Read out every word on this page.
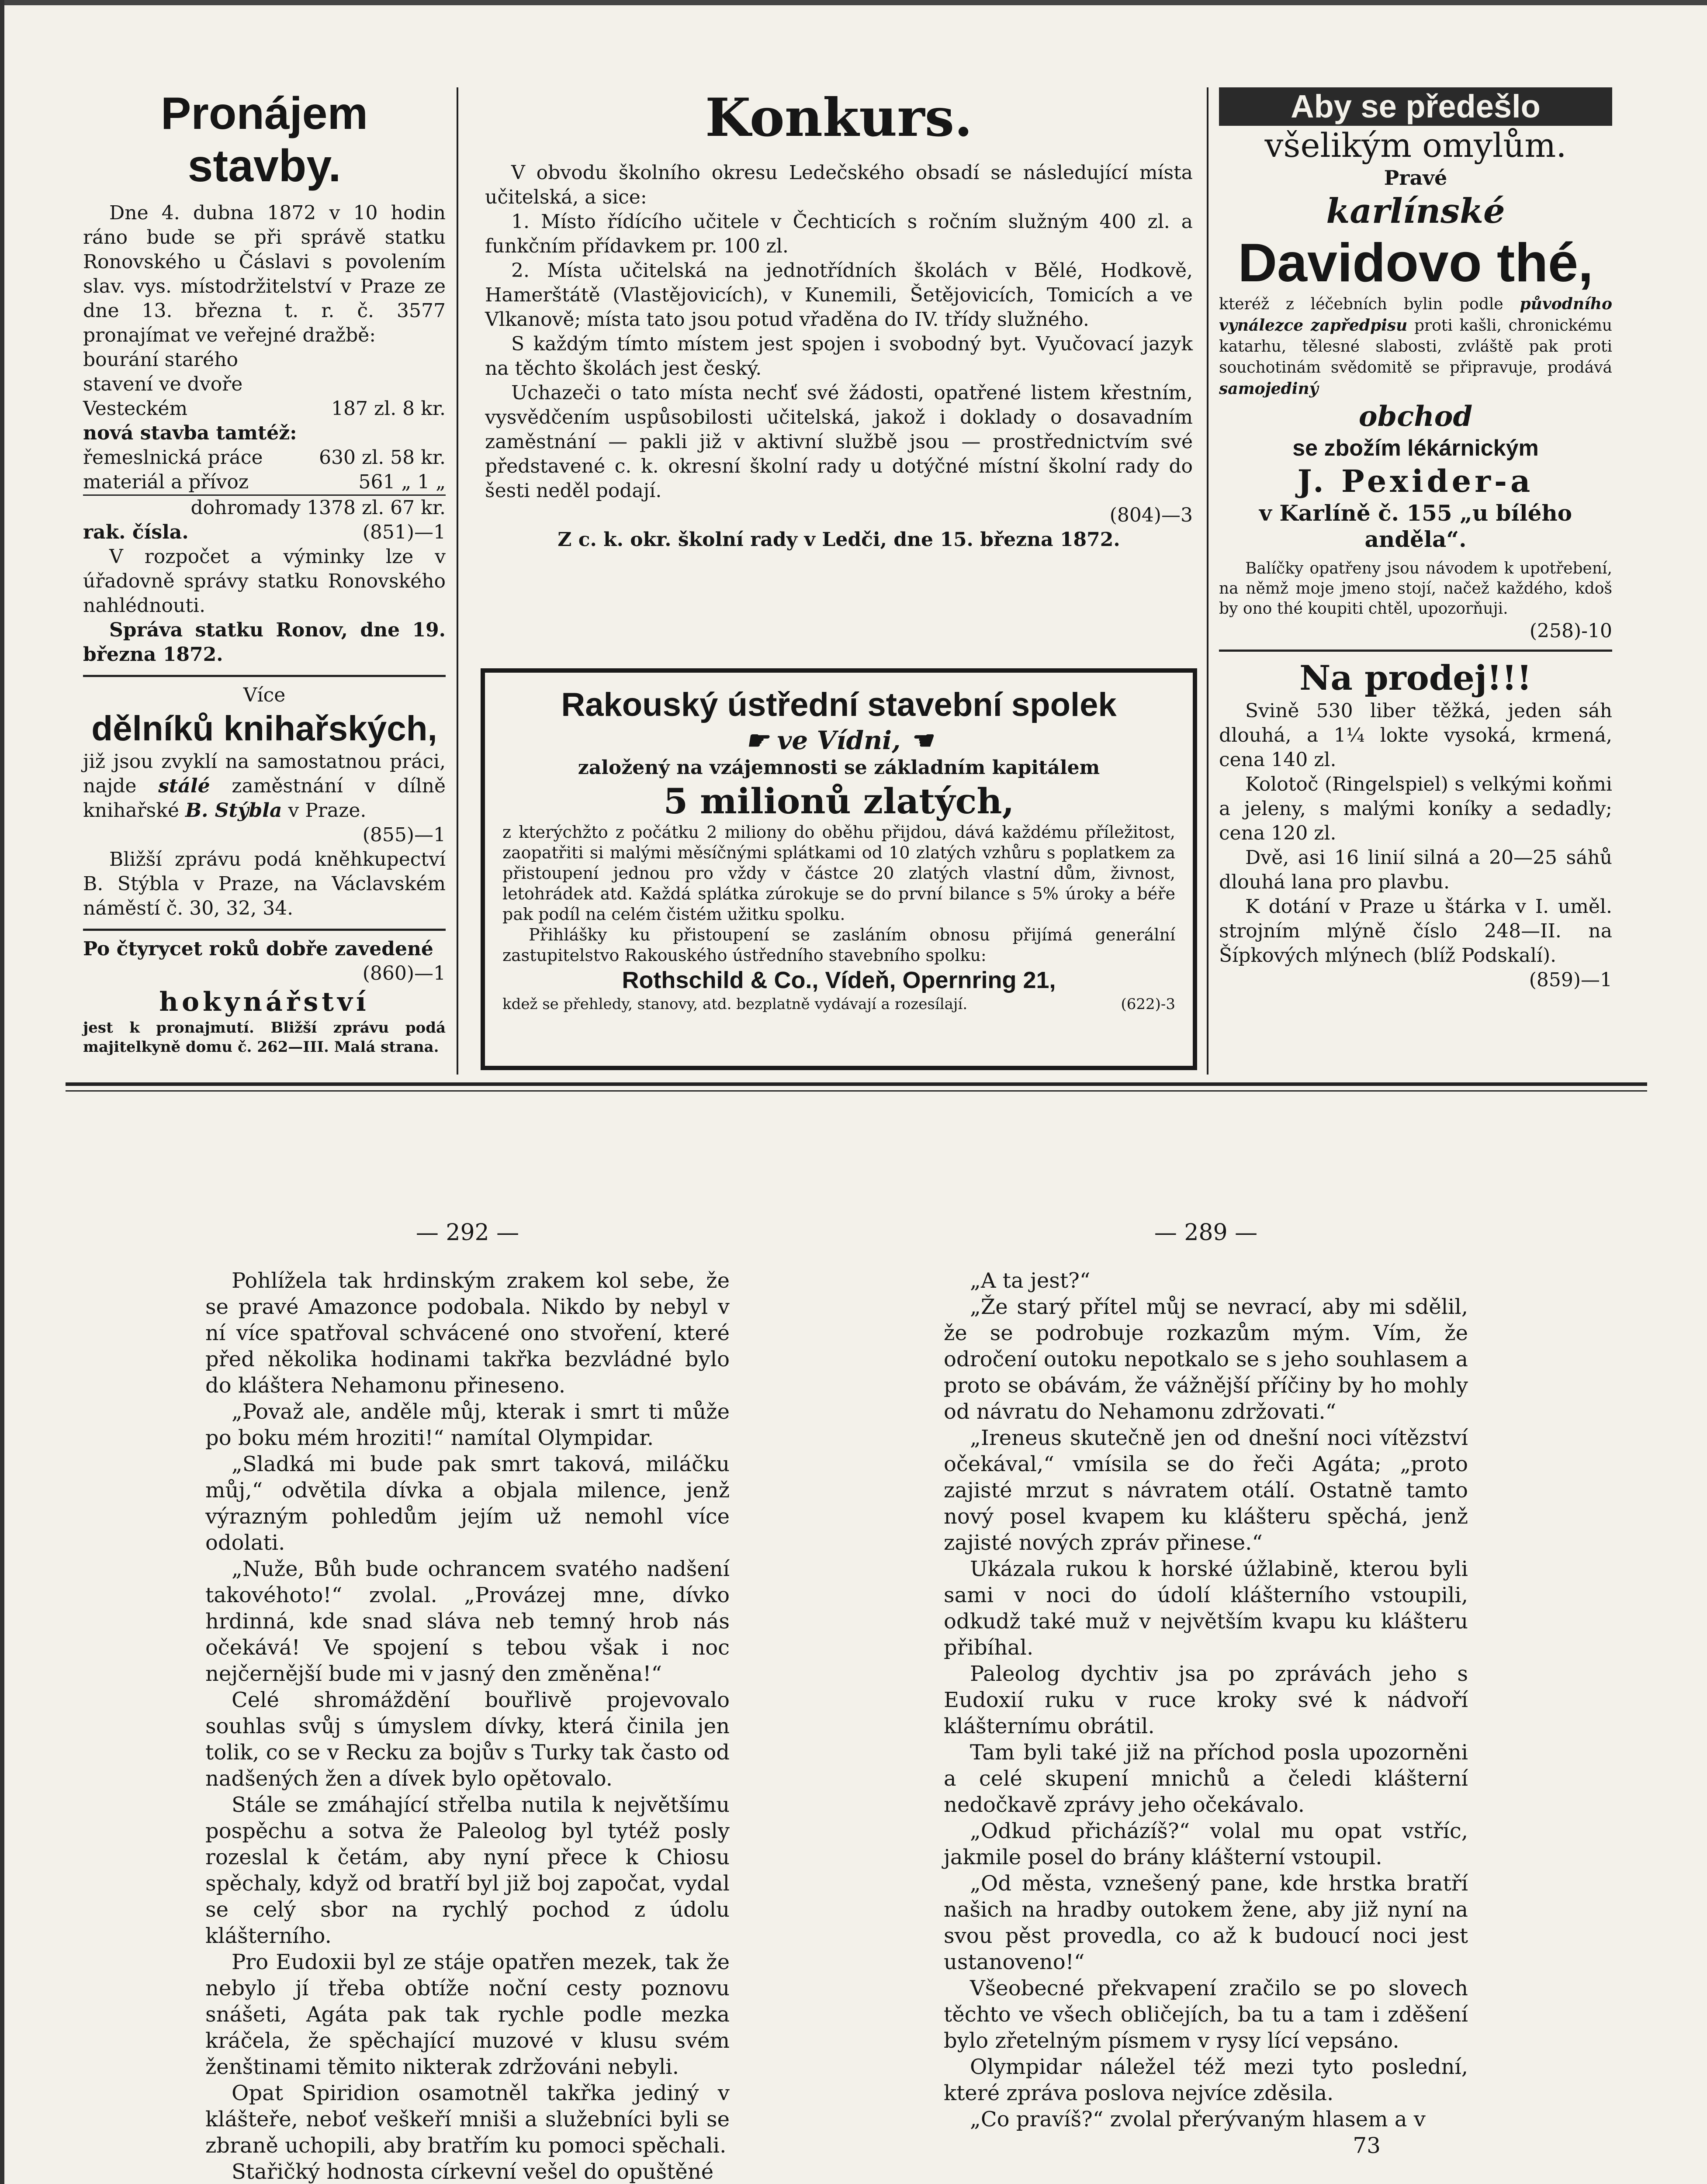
Pronájem stavby.

Dne 4. dubna 1872 v 10 hodin ráno bude se při správě statku Ronovského u Čáslavi s povolením slav. vys. místodržitelství v Praze ze dne 13. března t. r. č. 3577 pronajímat ve veřejné dražbě:

bourání starého stavení ve dvoře Vesteckém	187 zl. 8 kr.

nová stavba tamtéž:

řemeslnická práce	630 zl. 58 kr.
materiál a přívoz	561 „ 1 „

dohromady 1378 zl. 67 kr.

rak. čísla.	(851)—1

V rozpočet a výminky lze v úřadovně správy statku Ronovského nahlédnouti.

Správa statku Ronov, dne 19. března 1872.

Více

dělníků knihařských,

již jsou zvyklí na samostatnou práci, najde stálé zaměstnání v dílně knihařské B. Stýbla v Praze.
(855)—1

Bližší zprávu podá kněhkupectví B. Stýbla v Praze, na Václavském náměstí č. 30, 32, 34.

Po čtyrycet roků dobře zavedené
(860)—1

hokynářství

jest k pronajmutí. Bližší zprávu podá majitelkyně domu č. 262—III. Malá strana.

Konkurs.

V obvodu školního okresu Ledečského obsadí se následující místa učitelská, a sice:

1. Místo řídícího učitele v Čechticích s ročním služným 400 zl. a funkčním přídavkem pr. 100 zl.

2. Místa učitelská na jednotřídních školách v Bělé, Hodkově, Hamerštátě (Vlastějovicích), v Kunemili, Šetějovicích, Tomicích a ve Vlkanově; místa tato jsou potud vřaděna do IV. třídy služného.

S každým tímto místem jest spojen i svobodný byt. Vyučovací jazyk na těchto školách jest český.

Uchazeči o tato místa nechť své žádosti, opatřené listem křestním, vysvědčením uspůsobilosti učitelská, jakož i doklady o dosavadním zaměstnání — pakli již v aktivní službě jsou — prostřednictvím své představené c. k. okresní školní rady u dotýčné místní školní rady do šesti neděl podají.

(804)—3

Z c. k. okr. školní rady v Ledči, dne 15. března 1872.

Rakouský ústřední stavební spolek
☛ ve Vídni, ☚

založený na vzájemnosti se základním kapitálem

5 milionů zlatých,

z kterýchžto z počátku 2 miliony do oběhu přijdou, dává každému příležitost, zaopatřiti si malými měsíčnými splátkami od 10 zlatých vzhůru s poplatkem za přistoupení jednou pro vždy v částce 20 zlatých vlastní dům, živnost, letohrádek atd. Každá splátka zúrokuje se do první bilance s 5% úroky a béře pak podíl na celém čistém užitku spolku.

Přihlášky ku přistoupení se zasláním obnosu přijímá generální zastupitelstvo Rakouského ústředního stavebního spolku:

Rothschild & Co., Vídeň, Opernring 21,
kdež se přehledy, stanovy, atd. bezplatně vydávají a rozesílají.	(622)-3
Aby se předešlo
všelikým omylům.
Pravé
karlínské
Davidovo thé,

kteréž z léčebních bylin podle původního vynálezce zapředpisu proti kašli, chronickému katarhu, tělesné slabosti, zvláště pak proti souchotinám svědomitě se připravuje, prodává samojediný

obchod
se zbožím lékárnickým
J. Pexider-a
v Karlíně č. 155 „u bílého anděla“.

Balíčky opatřeny jsou návodem k upotřebení, na němž moje jmeno stojí, načež každého, kdoš by ono thé koupiti chtěl, upozorňuji.

(258)-10

Na prodej!!!

Svině 530 liber těžká, jeden sáh dlouhá, a 1¼ lokte vysoká, krmená, cena 140 zl.

Kolotoč (Ringelspiel) s velkými koňmi a jeleny, s malými koníky a sedadly; cena 120 zl.

Dvě, asi 16 linií silná a 20—25 sáhů dlouhá lana pro plavbu.

K dotání v Praze u štárka v I. uměl. strojním mlýně číslo 248—II. na Šípkových mlýnech (blíž Podskalí).

(859)—1

— 292 —

Pohlížela tak hrdinským zrakem kol sebe, že se pravé Amazonce podobala. Nikdo by nebyl v ní více spatřoval schvácené ono stvoření, které před několika hodinami takřka bezvládné bylo do kláštera Nehamonu přineseno.

„Považ ale, anděle můj, kterak i smrt ti může po boku mém hroziti!“ namítal Olympidar.

„Sladká mi bude pak smrt taková, miláčku můj,“ odvětila dívka a objala milence, jenž výrazným pohledům jejím už nemohl více odolati.

„Nuže, Bůh bude ochrancem svatého nadšení takovéhoto!“ zvolal. „Provázej mne, dívko hrdinná, kde snad sláva neb temný hrob nás očekává! Ve spojení s tebou však i noc nejčernější bude mi v jasný den změněna!“

Celé shromáždění bouřlivě projevovalo souhlas svůj s úmyslem dívky, která činila jen tolik, co se v Recku za bojův s Turky tak často od nadšených žen a dívek bylo opětovalo.

Stále se zmáhající střelba nutila k největšímu pospěchu a sotva že Paleolog byl tytéž posly rozeslal k četám, aby nyní přece k Chiosu spěchaly, když od bratří byl již boj započat, vydal se celý sbor na rychlý pochod z údolu klášterního.

Pro Eudoxii byl ze stáje opatřen mezek, tak že nebylo jí třeba obtíže noční cesty poznovu snášeti, Agáta pak tak rychle podle mezka kráčela, že spěchající muzové v klusu svém ženštinami těmito nikterak zdržováni nebyli.

Opat Spiridion osamotněl takřka jediný v klášteře, neboť veškeří mniši a služebníci byli se zbraně uchopili, aby bratřím ku pomoci spěchali.

Stařičký hodnosta církevní vešel do opuštěné

— 289 —

„A ta jest?“

„Že starý přítel můj se nevrací, aby mi sdělil, že se podrobuje rozkazům mým. Vím, že odročení outoku nepotkalo se s jeho souhlasem a proto se obávám, že vážnější příčiny by ho mohly od návratu do Nehamonu zdržovati.“

„Ireneus skutečně jen od dnešní noci vítězství očekával,“ vmísila se do řeči Agáta; „proto zajisté mrzut s návratem otálí. Ostatně tamto nový posel kvapem ku klášteru spěchá, jenž zajisté nových zpráv přinese.“

Ukázala rukou k horské úžlabině, kterou byli sami v noci do údolí klášterního vstoupili, odkudž také muž v největším kvapu ku klášteru přibíhal.

Paleolog dychtiv jsa po zprávách jeho s Eudoxií ruku v ruce kroky své k nádvoří klášternímu obrátil.

Tam byli také již na příchod posla upozorněni a celé skupení mnichů a čeledi klášterní nedočkavě zprávy jeho očekávalo.

„Odkud přicházíš?“ volal mu opat vstříc, jakmile posel do brány klášterní vstoupil.

„Od města, vznešený pane, kde hrstka bratří našich na hradby outokem žene, aby již nyní na svou pěst provedla, co až k budoucí noci jest ustanoveno!“

Všeobecné překvapení zračilo se po slovech těchto ve všech obličejích, ba tu a tam i zděšení bylo zřetelným písmem v rysy lící vepsáno.

Olympidar náležel též mezi tyto poslední, které zpráva poslova nejvíce zděsila.

„Co pravíš?“ zvolal přerývaným hlasem a v

73
